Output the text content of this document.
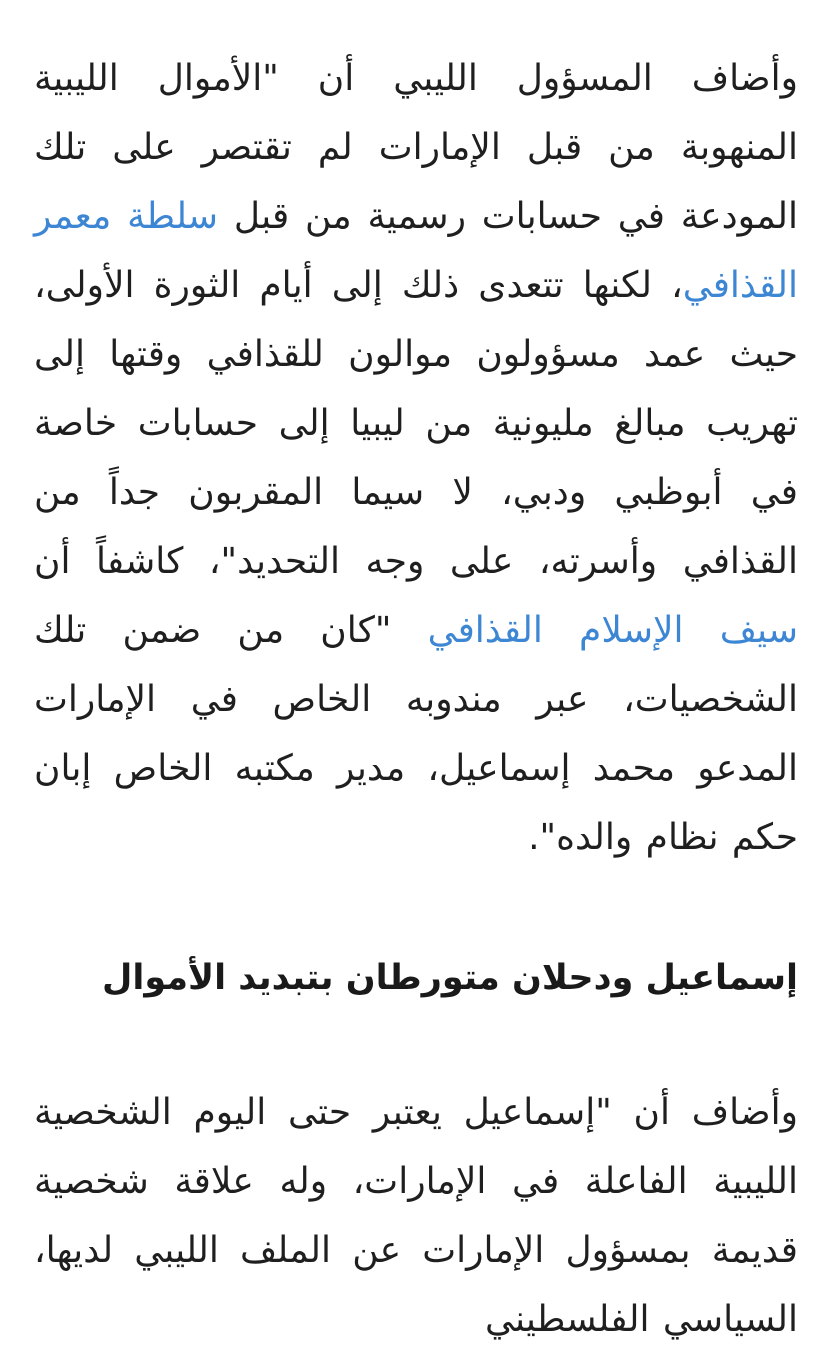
وأضاف المسؤول الليبي أن "الأموال الليبية المنهوبة من قبل الإمارات لم تقتصر على تلك المودعة في حسابات رسمية من قبل سلطة معمر القذافي، لكنها تتعدى ذلك إلى أيام الثورة الأولى، حيث عمد مسؤولون موالون للقذافي وقتها إلى تهريب مبالغ مليونية من ليبيا إلى حسابات خاصة في أبوظبي ودبي، لا سيما المقربون جداً من القذافي وأسرته، على وجه التحديد"، كاشفاً أن سيف الإسلام القذافي "كان من ضمن تلك الشخصيات، عبر مندوبه الخاص في الإمارات المدعو محمد إسماعيل، مدير مكتبه الخاص إبان حكم نظام والده".

إسماعيل ودحلان متورطان بتبديد الأموال

وأضاف أن "إسماعيل يعتبر حتى اليوم الشخصية الليبية الفاعلة في الإمارات، وله علاقة شخصية قديمة بمسؤول الإمارات عن الملف الليبي لديها، السياسي الفلسطيني
